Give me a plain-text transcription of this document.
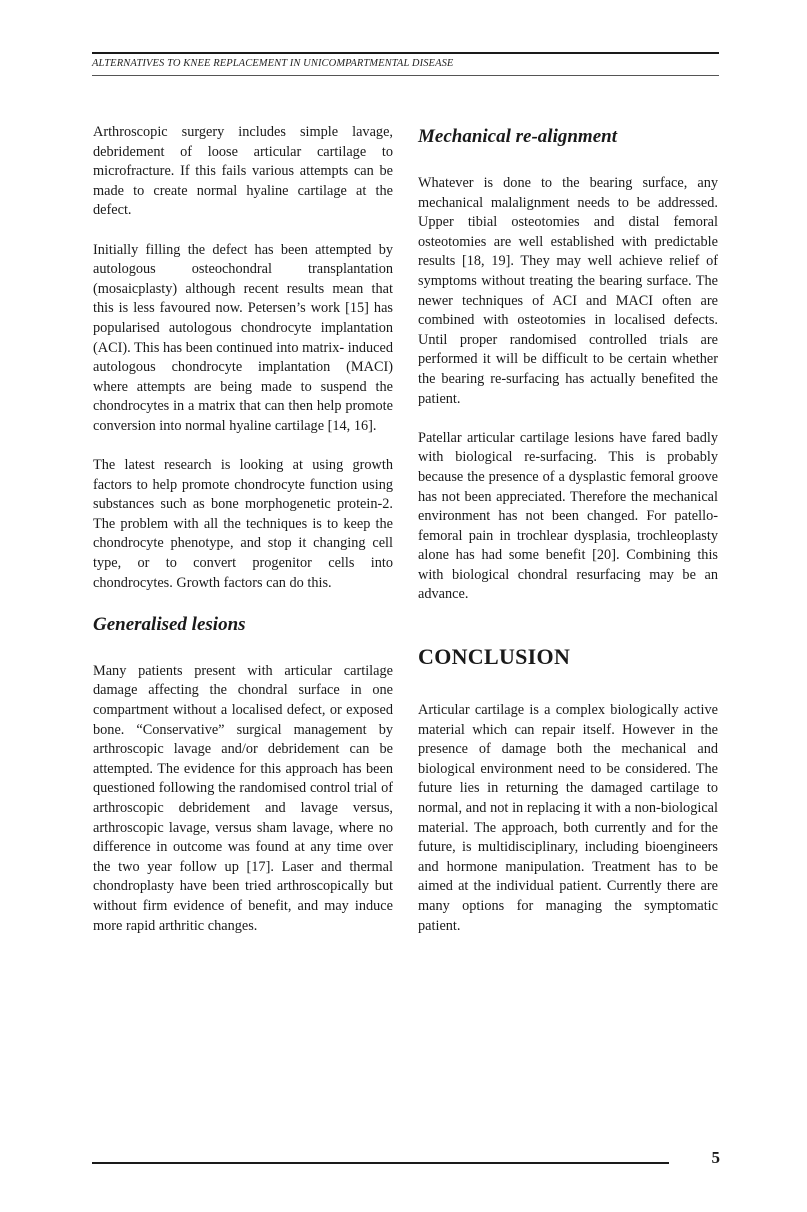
ALTERNATIVES TO KNEE REPLACEMENT IN UNICOMPARTMENTAL DISEASE

Arthroscopic surgery includes simple lavage, debridement of loose articular cartilage to microfracture. If this fails various attempts can be made to create normal hyaline cartilage at the defect.

Initially filling the defect has been attempted by autologous osteochondral transplantation (mosaicplasty) although recent results mean that this is less favoured now. Petersen’s work [15] has popularised autologous chondrocyte implantation (ACI). This has been continued into matrix- induced autologous chondrocyte implantation (MACI) where attempts are being made to suspend the chondrocytes in a matrix that can then help promote conversion into normal hyaline cartilage [14, 16].

The latest research is looking at using growth factors to help promote chondrocyte function using substances such as bone morphogenetic protein-2. The problem with all the techniques is to keep the chondrocyte phenotype, and stop it changing cell type, or to convert progenitor cells into chondrocytes. Growth factors can do this.

Generalised lesions

Many patients present with articular cartilage damage affecting the chondral surface in one compartment without a localised defect, or exposed bone. “Conservative” surgical management by arthroscopic lavage and/or debridement can be attempted. The evidence for this approach has been questioned following the randomised control trial of arthroscopic debridement and lavage versus, arthroscopic lavage, versus sham lavage, where no difference in outcome was found at any time over the two year follow up [17]. Laser and thermal chondroplasty have been tried arthroscopically but without firm evidence of benefit, and may induce more rapid arthritic changes.

Mechanical re-alignment

Whatever is done to the bearing surface, any mechanical malalignment needs to be addressed. Upper tibial osteotomies and distal femoral osteotomies are well established with predictable results [18, 19]. They may well achieve relief of symptoms without treating the bearing surface. The newer techniques of ACI and MACI often are combined with osteotomies in localised defects. Until proper randomised controlled trials are performed it will be difficult to be certain whether the bearing re-surfacing has actually benefited the patient.

Patellar articular cartilage lesions have fared badly with biological re-surfacing. This is probably because the presence of a dysplastic femoral groove has not been appreciated. Therefore the mechanical environment has not been changed. For patello-femoral pain in trochlear dysplasia, trochleoplasty alone has had some benefit [20]. Combining this with biological chondral resurfacing may be an advance.

CONCLUSION

Articular cartilage is a complex biologically active material which can repair itself. However in the presence of damage both the mechanical and biological environment need to be considered. The future lies in returning the damaged cartilage to normal, and not in replacing it with a non-biological material. The approach, both currently and for the future, is multidisciplinary, including bioengineers and hormone manipulation. Treatment has to be aimed at the individual patient. Currently there are many options for managing the symptomatic patient.

5
